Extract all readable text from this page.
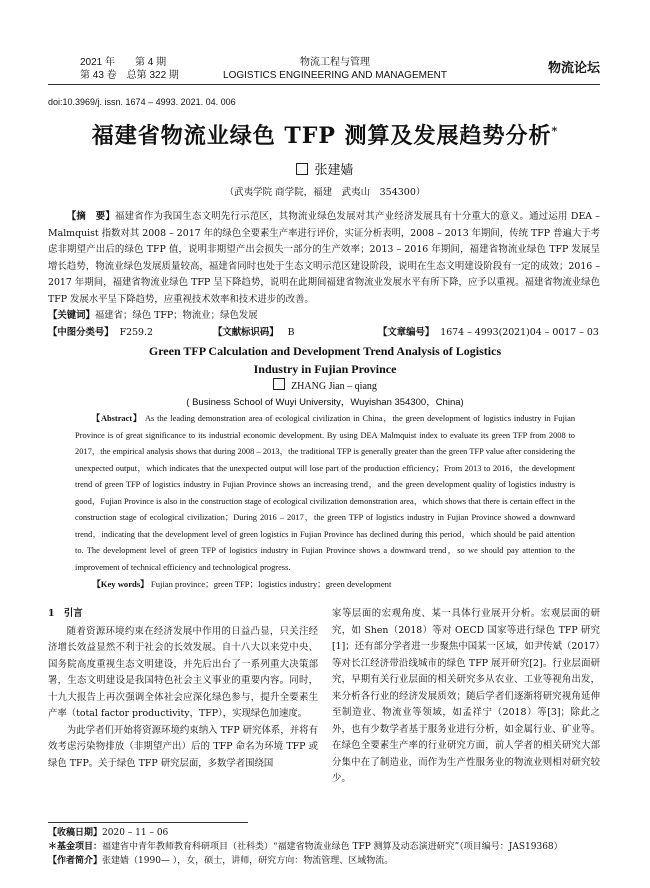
2021 年　　第 4 期
第 43 卷　总第 322 期
物流工程与管理
LOGISTICS ENGINEERING AND MANAGEMENT
物流论坛
doi:10.3969/j. issn. 1674 – 4993. 2021. 04. 006
福建省物流业绿色 TFP 测算及发展趋势分析*
张建嫱
（武夷学院 商学院，福建　武夷山　354300）

【摘　要】福建省作为我国生态文明先行示范区，其物流业绿色发展对其产业经济发展具有十分重大的意义。通过运用 DEA – Malmquist 指数对其 2008 – 2017 年的绿色全要素生产率进行评价，实证分析表明，2008 – 2013 年期间，传统 TFP 普遍大于考虑非期望产出后的绿色 TFP 值，说明非期望产出会损失一部分的生产效率；2013 – 2016 年期间，福建省物流业绿色 TFP 发展呈增长趋势，物流业绿色发展质量较高，福建省同时也处于生态文明示范区建设阶段，说明在生态文明建设阶段有一定的成效；2016 – 2017 年期间，福建省物流业绿色 TFP 呈下降趋势，说明在此期间福建省物流业发展水平有所下降，应予以重视。福建省物流业绿色 TFP 发展水平呈下降趋势，应重视技术效率和技术进步的改善。

【关键词】福建省；绿色 TFP；物流业；绿色发展

【中图分类号】 F259.2	【文献标识码】 B	【文章编号】 1674 – 4993(2021)04 – 0017 – 03
Green TFP Calculation and Development Trend Analysis of Logistics
Industry in Fujian Province
ZHANG Jian – qiang
( Business School of Wuyi University，Wuyishan 354300，China)

【Abstract】 As the leading demonstration area of ecological civilization in China，the green development of logistics industry in Fujian Province is of great significance to its industrial economic development. By using DEA Malmquist index to evaluate its green TFP from 2008 to 2017，the empirical analysis shows that during 2008 – 2013，the traditional TFP is generally greater than the green TFP value after considering the unexpected output，which indicates that the unexpected output will lose part of the production efficiency；From 2013 to 2016，the development trend of green TFP of logistics industry in Fujian Province shows an increasing trend，and the green development quality of logistics industry is good，Fujian Province is also in the construction stage of ecological civilization demonstration area，which shows that there is certain effect in the construction stage of ecological civilization；During 2016 – 2017，the green TFP of logistics industry in Fujian Province showed a downward trend，indicating that the development level of green logistics in Fujian Province has declined during this period，which should be paid attention to. The development level of green TFP of logistics industry in Fujian Province shows a downward trend，so we should pay attention to the improvement of technical efficiency and technological progress.

【Key words】 Fujian province；green TFP；logistics industry；green development

1　引言

随着资源环境约束在经济发展中作用的日益凸显，只关注经济增长效益显然不利于社会的长效发展。自十八大以来党中央、国务院高度重视生态文明建设，并先后出台了一系列重大决策部署，生态文明建设是我国特色社会主义事业的重要内容。同时，十九大报告上再次强调全体社会应深化绿色参与，提升全要素生产率（total factor productivity，TFP），实现绿色加速度。

为此学者们开始将资源环境约束纳入 TFP 研究体系，并将有效考虑污染物排放（非期望产出）后的 TFP 命名为环境 TFP 或绿色 TFP。关于绿色 TFP 研究层面，多数学者围绕国

家等层面的宏观角度、某一具体行业展开分析。宏观层面的研究，如 Shen（2018）等对 OECD 国家等进行绿色 TFP 研究[1]；还有部分学者进一步聚焦中国某一区域，如尹传斌（2017）等对长江经济带沿线城市的绿色 TFP 展开研究[2]。行业层面研究，早期有关行业层面的相关研究多从农业、工业等视角出发，来分析各行业的经济发展质效；随后学者们逐渐将研究视角延伸至制造业、物流业等领域，如孟祥宁（2018）等[3]；除此之外，也有少数学者基于服务业进行分析，如金属行业、矿业等。在绿色全要素生产率的行业研究方面，前人学者的相关研究大部分集中在了制造业，而作为生产性服务业的物流业则相对研究较少。

【收稿日期】2020 – 11 – 06
＊基金项目：福建省中青年教师教育科研项目（社科类）“福建省物流业绿色 TFP 测算及动态演进研究”（项目编号：JAS19368）
【作者简介】张建嫱（1990— ），女，硕士，讲师，研究方向：物流管理、区域物流。
